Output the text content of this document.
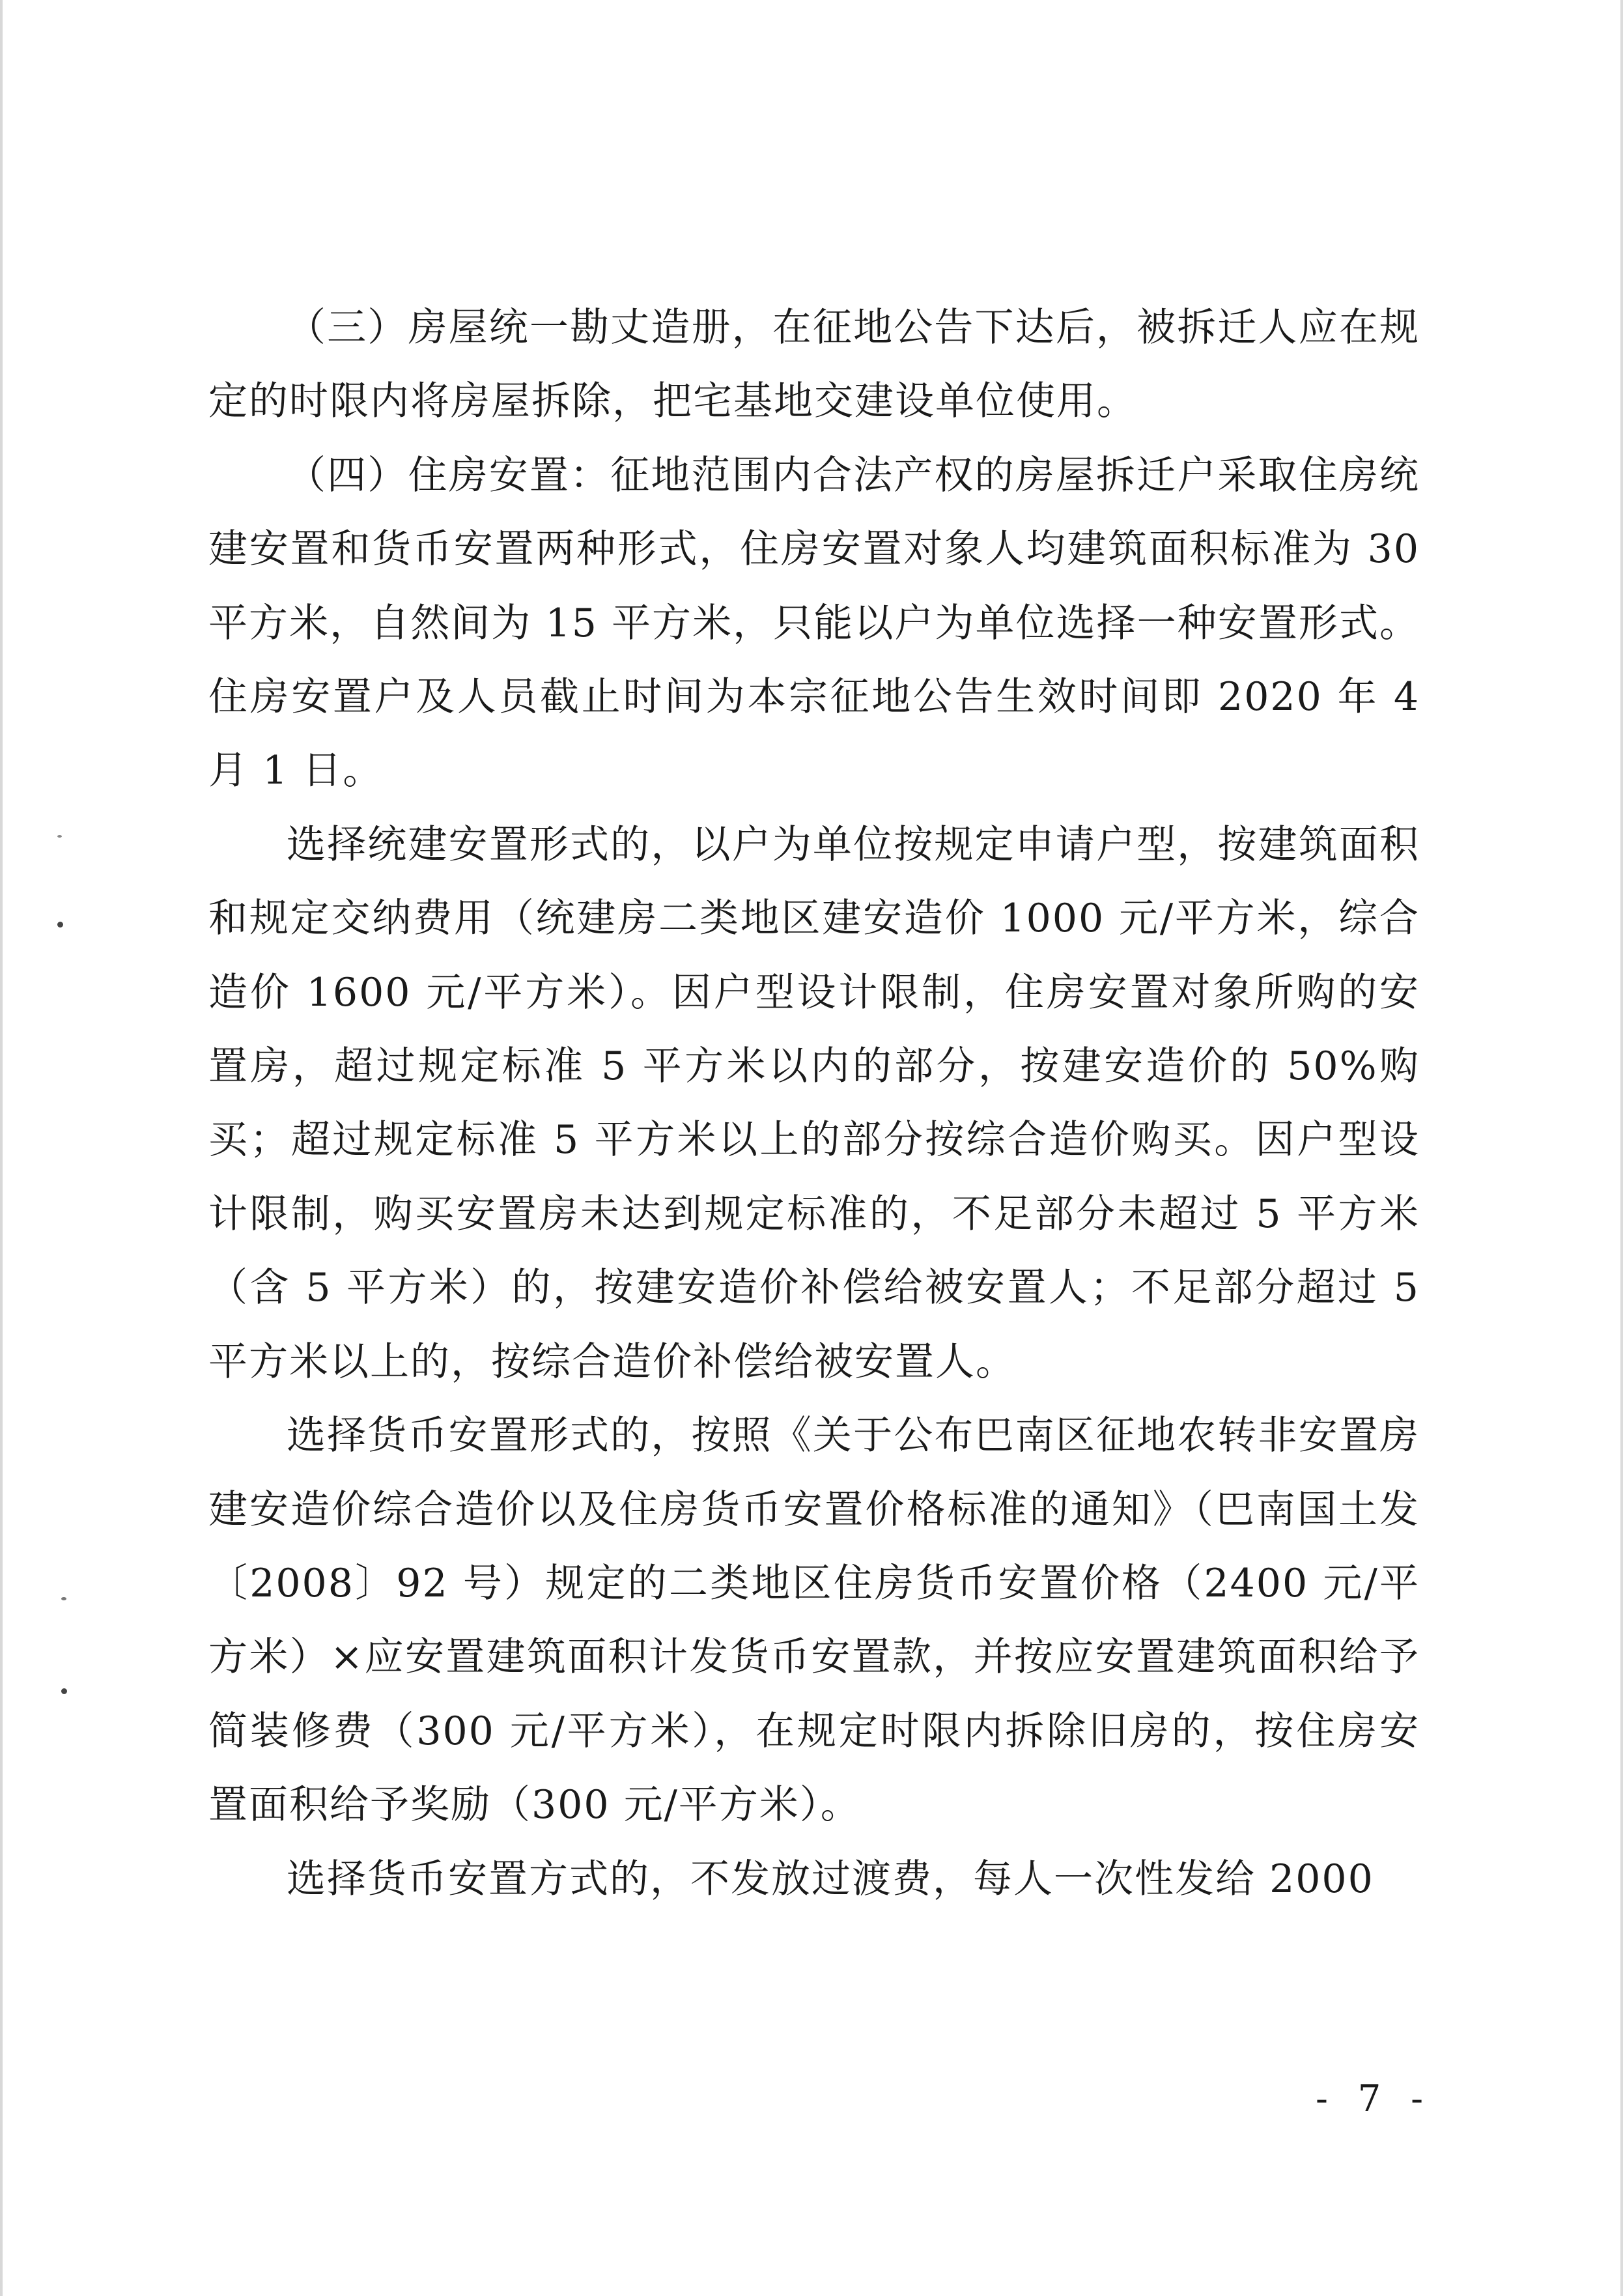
（三）房屋统一勘丈造册，在征地公告下达后，被拆迁人应在规定的时限内将房屋拆除，把宅基地交建设单位使用。

（四）住房安置：征地范围内合法产权的房屋拆迁户采取住房统建安置和货币安置两种形式，住房安置对象人均建筑面积标准为 30 平方米，自然间为 15 平方米，只能以户为单位选择一种安置形式。住房安置户及人员截止时间为本宗征地公告生效时间即 2020 年 4 月 1 日。

选择统建安置形式的，以户为单位按规定申请户型，按建筑面积和规定交纳费用（统建房二类地区建安造价 1000 元/平方米，综合造价 1600 元/平方米）。因户型设计限制，住房安置对象所购的安置房，超过规定标准 5 平方米以内的部分，按建安造价的 50%购买；超过规定标准 5 平方米以上的部分按综合造价购买。因户型设计限制，购买安置房未达到规定标准的，不足部分未超过 5 平方米（含 5 平方米）的，按建安造价补偿给被安置人；不足部分超过 5 平方米以上的，按综合造价补偿给被安置人。

选择货币安置形式的，按照《关于公布巴南区征地农转非安置房建安造价综合造价以及住房货币安置价格标准的通知》（巴南国土发〔2008〕92 号）规定的二类地区住房货币安置价格（2400 元/平方米）×应安置建筑面积计发货币安置款，并按应安置建筑面积给予简装修费（300 元/平方米），在规定时限内拆除旧房的，按住房安置面积给予奖励（300 元/平方米）。

选择货币安置方式的，不发放过渡费，每人一次性发给 2000

- 7 -
